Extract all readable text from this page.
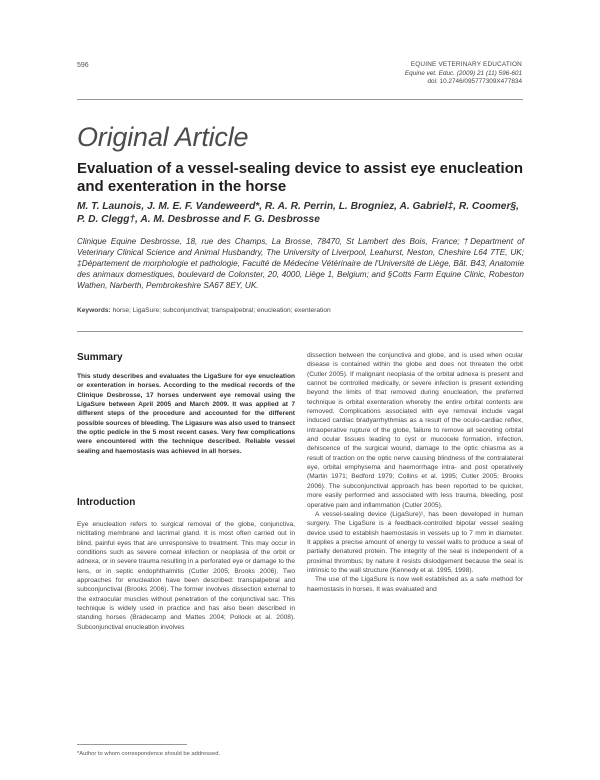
596	EQUINE VETERINARY EDUCATION
Equine vet. Educ. (2009) 21 (11) 596-601
doi: 10.2746/095777309X477834
Original Article
Evaluation of a vessel-sealing device to assist eye enucleation and exenteration in the horse
M. T. Launois, J. M. E. F. Vandeweerd*, R. A. R. Perrin, L. Brogniez, A. Gabriel‡, R. Coomer§, P. D. Clegg†, A. M. Desbrosse and F. G. Desbrosse
Clinique Equine Desbrosse, 18, rue des Champs, La Brosse, 78470, St Lambert des Bois, France; †Department of Veterinary Clinical Science and Animal Husbandry, The University of Liverpool, Leahurst, Neston, Cheshire L64 7TE, UK; ‡Département de morphologie et pathologie, Faculté de Médecine Vétérinaire de l'Université de Liège, Bât. B43, Anatomie des animaux domestiques, boulevard de Colonster, 20, 4000, Liège 1, Belgium; and §Cotts Farm Equine Clinic, Robeston Wathen, Narberth, Pembrokeshire SA67 8EY, UK.
Keywords: horse; LigaSure; subconjunctival; transpalpebral; enucleation; exenteration
Summary
This study describes and evaluates the LigaSure for eye enucleation or exenteration in horses. According to the medical records of the Clinique Desbrosse, 17 horses underwent eye removal using the LigaSure between April 2005 and March 2009. It was applied at 7 different steps of the procedure and accounted for the different possible sources of bleeding. The Ligasure was also used to transect the optic pedicle in the 5 most recent cases. Very few complications were encountered with the technique described. Reliable vessel sealing and haemostasis was achieved in all horses.
Introduction
Eye enucleation refers to surgical removal of the globe, conjunctiva, nictitating membrane and lacrimal gland. It is most often carried out in blind, painful eyes that are unresponsive to treatment. This may occur in conditions such as severe corneal infection or neoplasia of the orbit or adnexa, or in severe trauma resulting in a perforated eye or damage to the lens, or in septic endophthalmitis (Cutler 2005; Brooks 2006). Two approaches for enucleation have been described: transpalpebral and subconjunctival (Brooks 2006). The former involves dissection external to the extraocular muscles without penetration of the conjunctival sac. This technique is widely used in practice and has also been described in standing horses (Bradecamp and Mattes 2004; Pollock et al. 2008). Subconjunctival enucleation involves

dissection between the conjunctiva and globe, and is used when ocular disease is contained within the globe and does not threaten the orbit (Cutler 2005). If malignant neoplasia of the orbital adnexa is present and cannot be controlled medically, or severe infection is present extending beyond the limits of that removed during enucleation, the preferred technique is orbital exenteration whereby the entire orbital contents are removed. Complications associated with eye removal include vagal induced cardiac bradyarrhythmias as a result of the oculo-cardiac reflex, intraoperative rupture of the globe, failure to remove all secreting orbital and ocular tissues leading to cyst or mucocele formation, infection, dehiscence of the surgical wound, damage to the optic chiasma as a result of traction on the optic nerve causing blindness of the contralateral eye, orbital emphysema and haemorrhage intra- and post operatively (Martin 1971; Bedford 1979; Collins et al. 1995; Cutler 2005; Brooks 2006). The subconjunctival approach has been reported to be quicker, more easily performed and associated with less trauma, bleeding, post operative pain and inflammation (Cutler 2005).

A vessel-sealing device (LigaSure)¹, has been developed in human surgery. The LigaSure is a feedback-controlled bipolar vessel sealing device used to establish haemostasis in vessels up to 7 mm in diameter. It applies a precise amount of energy to vessel walls to produce a seal of partially denatured protein. The integrity of the seal is independent of a proximal thrombus; by nature it resists dislodgement because the seal is intrinsic to the wall structure (Kennedy et al. 1995, 1998).

The use of the LigaSure is now well established as a safe method for haemostasis in horses. It was evaluated and

*Author to whom correspondence should be addressed.
